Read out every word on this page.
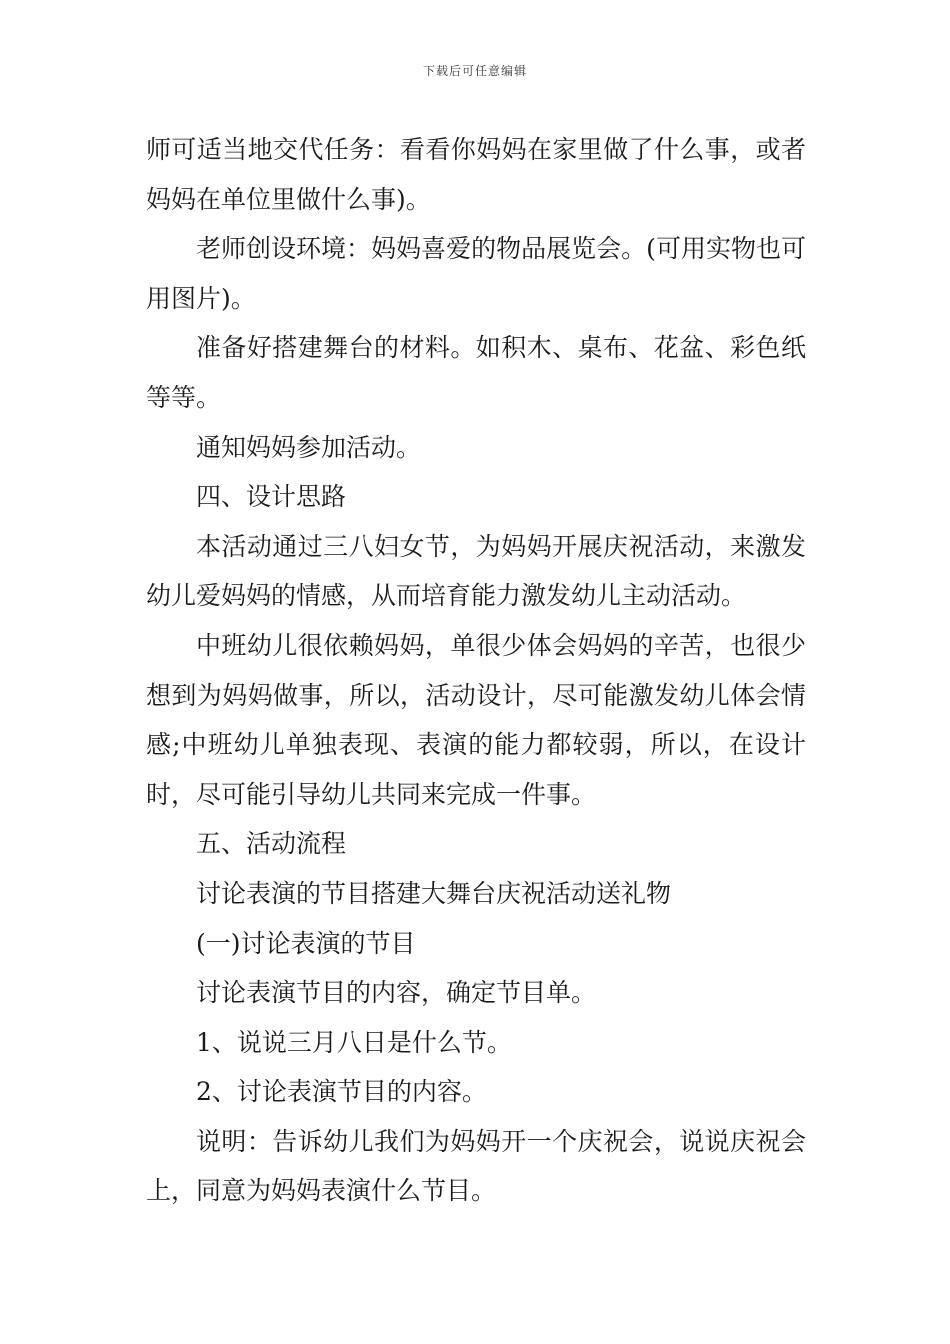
下载后可任意编辑

师可适当地交代任务：看看你妈妈在家里做了什么事，或者妈妈在单位里做什么事)。

老师创设环境：妈妈喜爱的物品展览会。(可用实物也可用图片)。

准备好搭建舞台的材料。如积木、桌布、花盆、彩色纸等等。

通知妈妈参加活动。

四、设计思路

本活动通过三八妇女节，为妈妈开展庆祝活动，来激发幼儿爱妈妈的情感，从而培育能力激发幼儿主动活动。

中班幼儿很依赖妈妈，单很少体会妈妈的辛苦，也很少想到为妈妈做事，所以，活动设计，尽可能激发幼儿体会情感;中班幼儿单独表现、表演的能力都较弱，所以，在设计时，尽可能引导幼儿共同来完成一件事。

五、活动流程

讨论表演的节目搭建大舞台庆祝活动送礼物

(一)讨论表演的节目

讨论表演节目的内容，确定节目单。

1、说说三月八日是什么节。

2、讨论表演节目的内容。

说明：告诉幼儿我们为妈妈开一个庆祝会，说说庆祝会上，同意为妈妈表演什么节目。
